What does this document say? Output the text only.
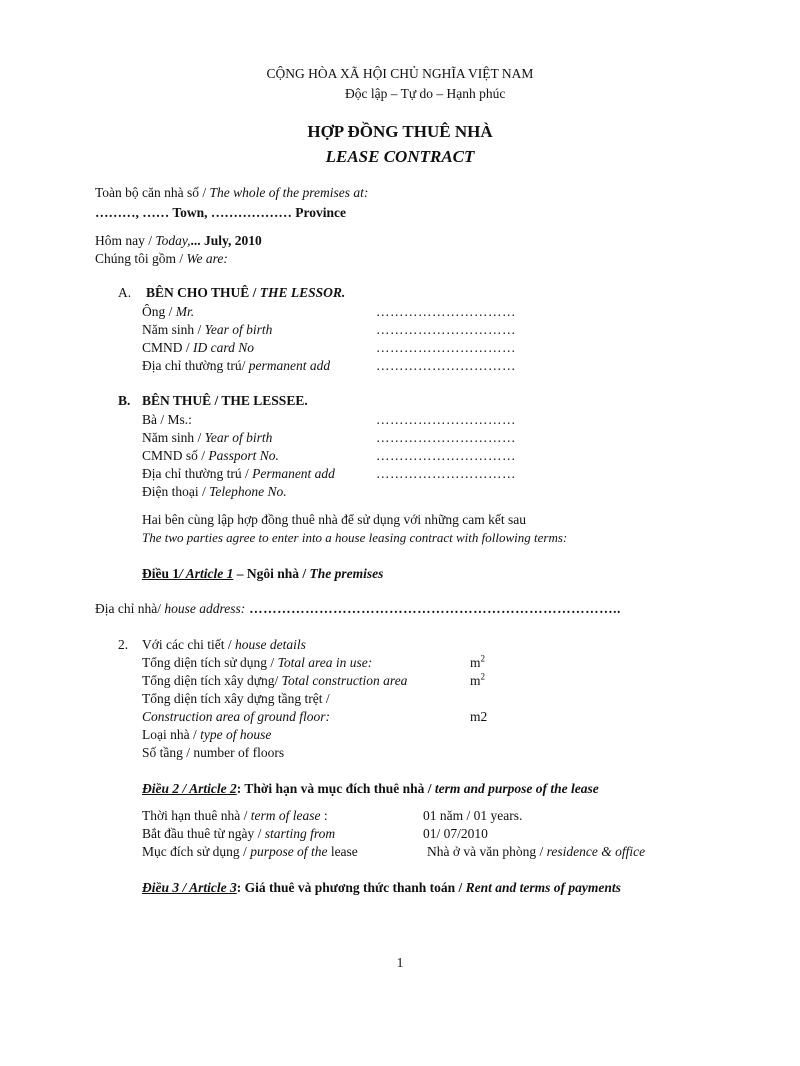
CỘNG HÒA XÃ HỘI CHỦ NGHĨA VIỆT NAM
Độc lập – Tự do – Hạnh phúc
HỢP ĐỒNG THUÊ NHÀ
LEASE CONTRACT
Toàn bộ căn nhà số / The whole of the premises at:
………, …… Town, ……………… Province
Hôm nay / Today,... July, 2010
Chúng tôi gồm / We are:
A. BÊN CHO THUÊ / THE LESSOR.
Ông / Mr.	…………………………
Năm sinh / Year of birth	…………………………
CMND / ID card No	…………………………
Địa chỉ thường trú/ permanent add	…………………………
B. BÊN THUÊ / THE LESSEE.
Bà / Ms.:	…………………………
Năm sinh / Year of birth	…………………………
CMND số / Passport No.	…………………………
Địa chỉ thường trú / Permanent add	…………………………
Điện thoại / Telephone No.
Hai bên cùng lập hợp đồng thuê nhà để sử dụng với những cam kết sau
The two parties agree to enter into a house leasing contract with following terms:
Điều 1/ Article 1 – Ngôi nhà / The premises
Địa chỉ nhà/ house address: ……………………………………………………………………..
2. Với các chi tiết / house details
Tổng diện tích sử dụng / Total area in use:	$m^2$
Tổng diện tích xây dựng/ Total construction area	$m^2$
Tổng diện tích xây dựng tầng trệt /
Construction area of ground floor:	m2
Loại nhà / type of house
Số tầng / number of floors
Điều 2 / Article 2: Thời hạn và mục đích thuê nhà / term and purpose of the lease
Thời hạn thuê nhà / term of lease :	01 năm / 01 years.
Bắt đầu thuê từ ngày / starting from	01/ 07/2010
Mục đích sử dụng / purpose of the lease	Nhà ở và văn phòng / residence & office
Điều 3 / Article 3: Giá thuê và phương thức thanh toán / Rent and terms of payments
1
